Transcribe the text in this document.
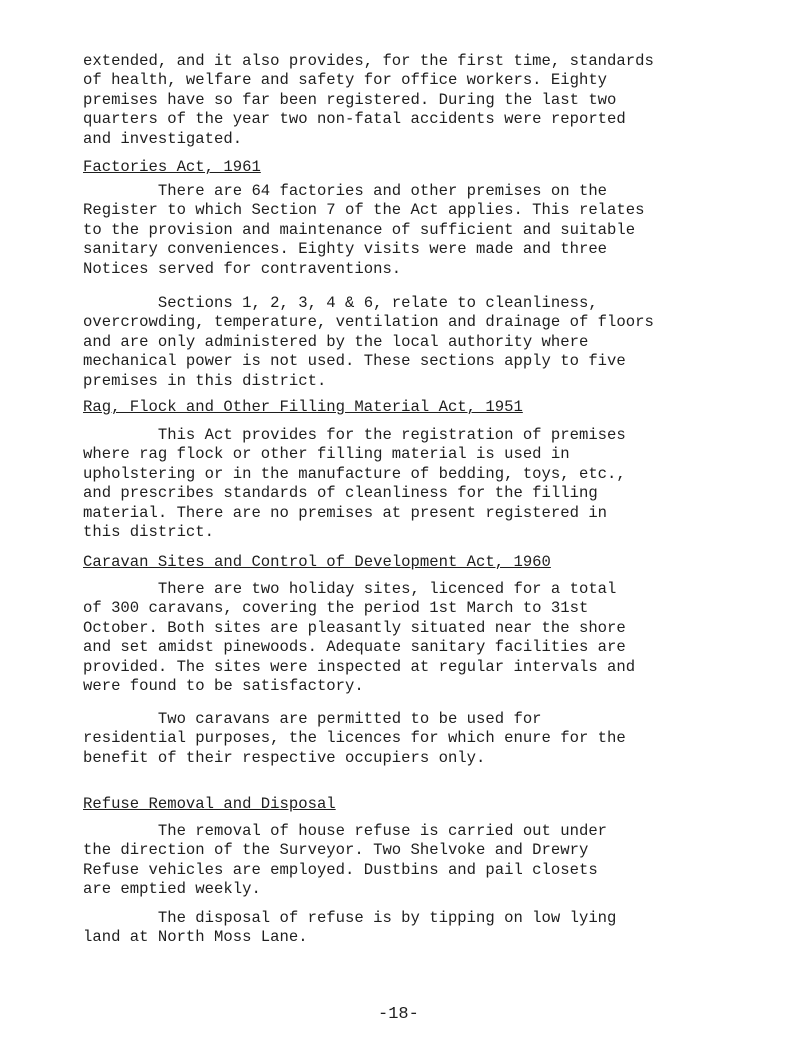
extended, and it also provides, for the first time, standards
of health, welfare and safety for office workers. Eighty
premises have so far been registered. During the last two
quarters of the year two non-fatal accidents were reported
and investigated.
Factories Act, 1961
There are 64 factories and other premises on the
Register to which Section 7 of the Act applies. This relates
to the provision and maintenance of sufficient and suitable
sanitary conveniences. Eighty visits were made and three
Notices served for contraventions.
Sections 1, 2, 3, 4 & 6, relate to cleanliness,
overcrowding, temperature, ventilation and drainage of floors
and are only administered by the local authority where
mechanical power is not used. These sections apply to five
premises in this district.
Rag, Flock and Other Filling Material Act, 1951
This Act provides for the registration of premises
where rag flock or other filling material is used in
upholstering or in the manufacture of bedding, toys, etc.,
and prescribes standards of cleanliness for the filling
material. There are no premises at present registered in
this district.
Caravan Sites and Control of Development Act, 1960
There are two holiday sites, licenced for a total
of 300 caravans, covering the period 1st March to 31st
October. Both sites are pleasantly situated near the shore
and set amidst pinewoods. Adequate sanitary facilities are
provided. The sites were inspected at regular intervals and
were found to be satisfactory.
Two caravans are permitted to be used for
residential purposes, the licences for which enure for the
benefit of their respective occupiers only.
Refuse Removal and Disposal
The removal of house refuse is carried out under
the direction of the Surveyor. Two Shelvoke and Drewry
Refuse vehicles are employed. Dustbins and pail closets
are emptied weekly.
The disposal of refuse is by tipping on low lying
land at North Moss Lane.
-18-
